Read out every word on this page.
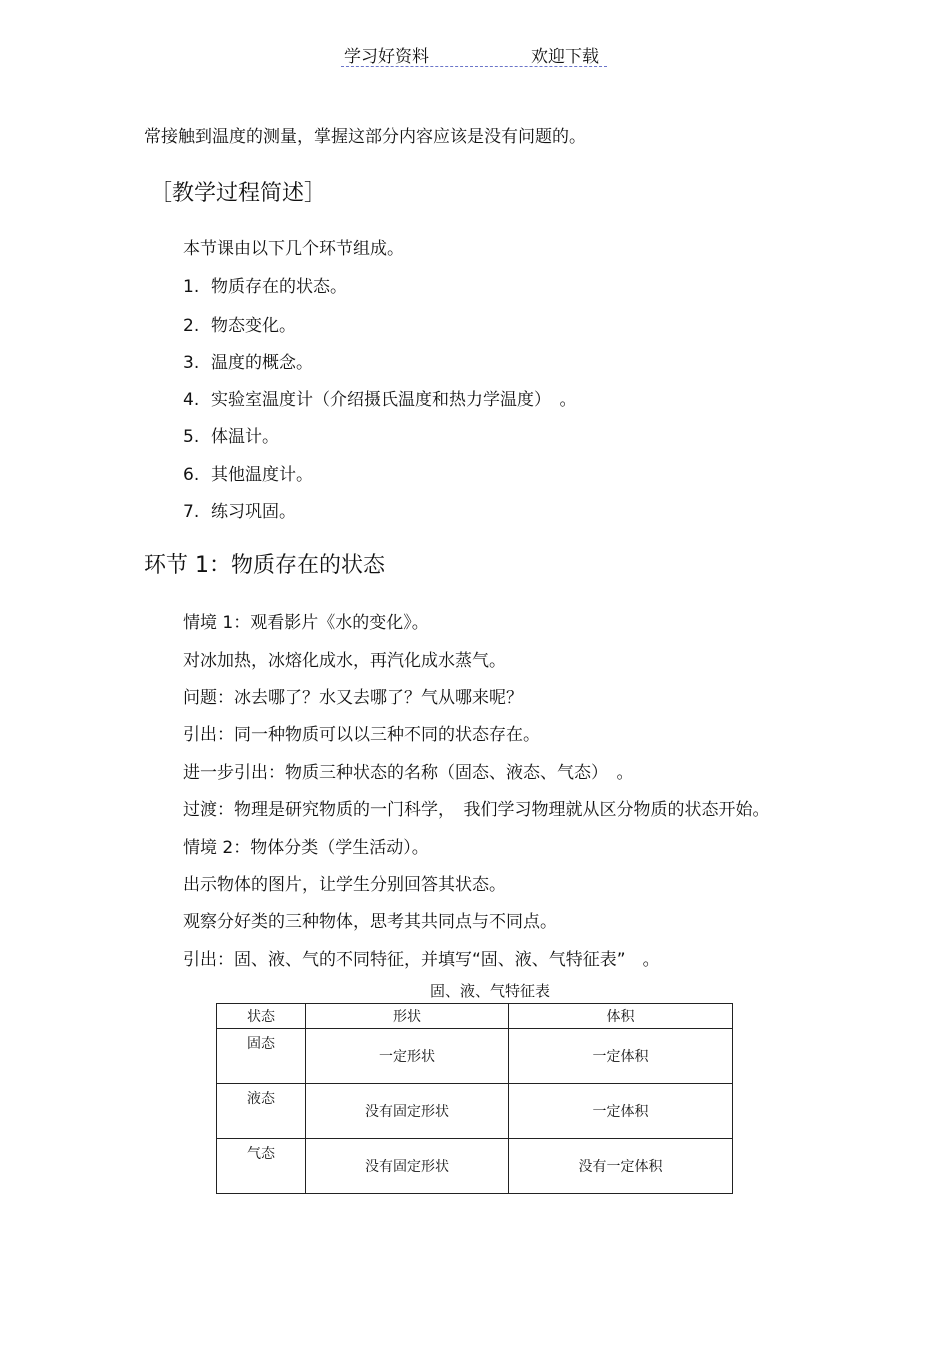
学习好资料	欢迎下载
常接触到温度的测量，掌握这部分内容应该是没有问题的。
［教学过程简述］
本节课由以下几个环节组成。
1. 物质存在的状态。
2. 物态变化。
3. 温度的概念。
4. 实验室温度计（介绍摄氏温度和热力学温度）　。
5. 体温计。
6. 其他温度计。
7. 练习巩固。
环节 1：物质存在的状态
情境 1：观看影片《水的变化》。
对冰加热，冰熔化成水，再汽化成水蒸气。
问题：冰去哪了？水又去哪了？气从哪来呢？
引出：同一种物质可以以三种不同的状态存在。
进一步引出：物质三种状态的名称（固态、液态、气态）　。
过渡：物理是研究物质的一门科学，　我们学习物理就从区分物质的状态开始。
情境 2：物体分类（学生活动）。
出示物体的图片，让学生分别回答其状态。
观察分好类的三种物体，思考其共同点与不同点。
引出：固、液、气的不同特征，并填写“固、液、气特征表”　。
固、液、气特征表
状态	形状	体积
固态	一定形状	一定体积
液态	没有固定形状	一定体积
气态	没有固定形状	没有一定体积
